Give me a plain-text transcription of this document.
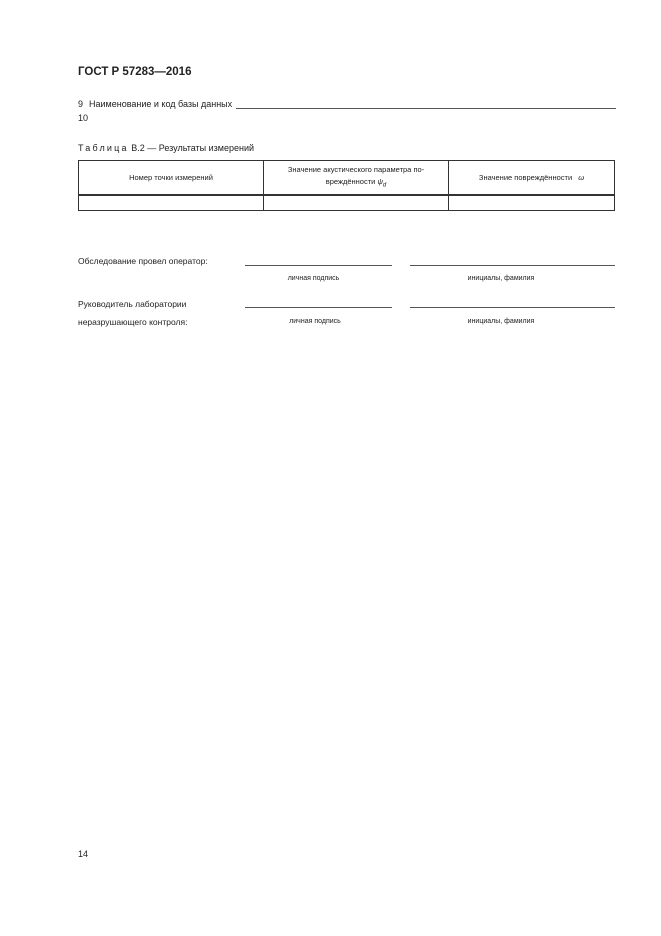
ГОСТ Р 57283—2016
9 Наименование и код базы данных
10
Таблица В.2 — Результаты измерений
Номер точки измерений	Значение акустического параметра по-вреждённости $\psi_d$	Значение повреждённости ω

Обследование провел оператор:
личная подпись	инициалы, фамилия
Руководитель лаборатории
неразрушающего контроля:	личная подпись	инициалы, фамилия
14
